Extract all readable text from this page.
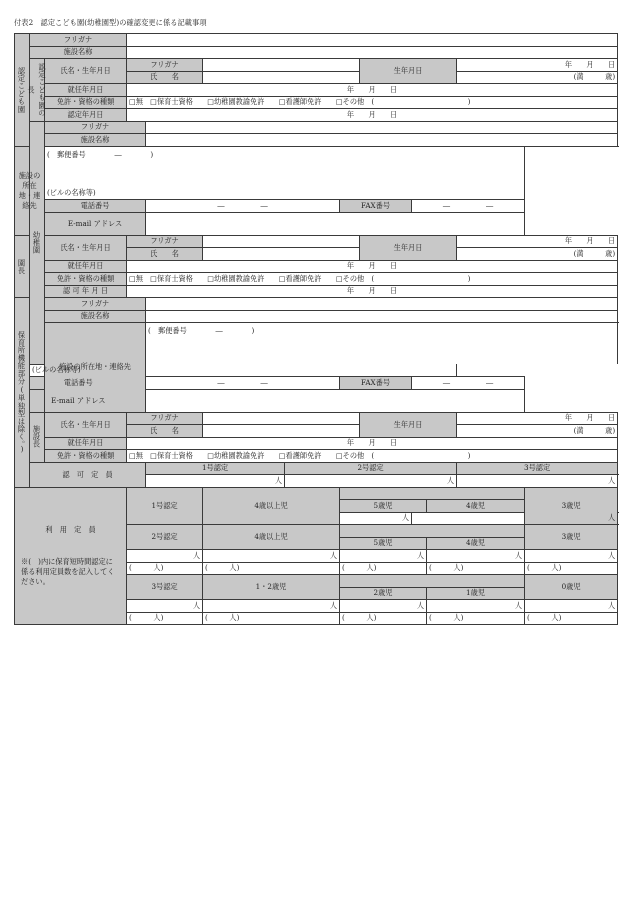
付表2　認定こども園(幼稚園型)の確認変更に係る記載事項
認定こども園	フリガナ												
	施設名称												
	認定こども園の長	氏名・生年月日	フリガナ					生年月日			年　　月　　日		
			氏　　名								(満　　　歳)		
		就任年月日	年　　月　　日										
		免許・資格の種類	□無　□保育士資格　　□幼稚園教諭免許　　□看護師免許　　□その他　(　　　　　　　　　　　　　)										
		認定年月日	年　　月　　日										
	幼稚園	フリガナ											
		施設名称											
施設の所在地・連絡先		(　郵便番号　　　　―　　　　)											
		(ビルの名称等)											
		電話番号		―　　　　　―			FAX番号		―　　　　　―				
		E-mail アドレス											
園長		氏名・生年月日	フリガナ					生年月日			年　　月　　日		
			氏　　名								(満　　　歳)		
		就任年月日	年　　月　　日										
		免許・資格の種類	□無　□保育士資格　　□幼稚園教諭免許　　□看護師免許　　□その他　(　　　　　　　　　　　　　)										
		認 可 年 月 日	年　　月　　日										
保育所機能部分(単独型は除く。)		フリガナ											
		施設名称											
		施設の所在地・連絡先		(　郵便番号　　　　―　　　　)									
	(ビルの名称等)												
	電話番号			―　　　　　―			FAX番号		―　　　　　―				
	E-mail アドレス												
	施設長	氏名・生年月日	フリガナ					生年月日			年　　月　　日		
			氏　　名								(満　　　歳)		
		就任年月日	年　　月　　日										
		免許・資格の種類	□無　□保育士資格　　□幼稚園教諭免許　　□看護師免許　　□その他　(　　　　　　　　　　　　　)										
	認　可　定　員			1号認定		2号認定					3号認定		
				人		人					人		

利　用　定　員
※(　)内に保育短時間認定に係る利用定員数を記入してください。			1号認定		4歳以上児							3歳児	
							5歳児			4歳児			
							人		人			
			2号認定		4歳以上児							3歳児	
							5歳児			4歳児			
			人		人		人			人		人	
			(　　　人)		(　　　人)		(　　　人)			(　　　人)		(　　　人)	
			3号認定		1・2歳児							0歳児	
							2歳児			1歳児			
			人		人		人			人		人	
			(　　　人)		(　　　人)		(　　　人)			(　　　人)		(　　　人)	
